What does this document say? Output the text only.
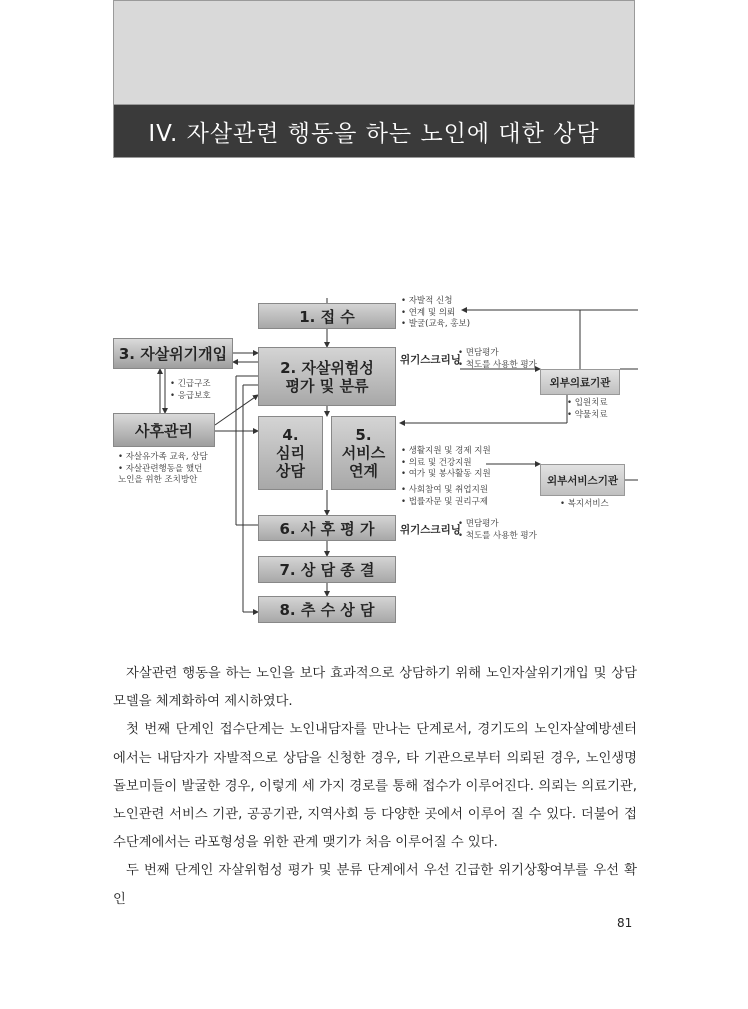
IV. 자살관련 행동을 하는 노인에 대한 상담
1. 접 수
2. 자살위험성
평가 및 분류
4.
심리
상담
5.
서비스
연계
6. 사 후 평 가
7. 상 담 종 결
8. 추 수 상 담
3. 자살위기개입
사후관리
외부의료기관
외부서비스기관
위기스크리닝
위기스크리닝
• 자발적 신청
• 연계 및 의뢰
• 발굴(교육, 홍보)
• 면담평가
• 척도를 사용한 평가
• 긴급구조
• 응급보호
• 입원치료
• 약물치료
• 자살유가족 교육, 상담
• 자살관련행동을 했던
노인을 위한 조치방안
• 생활지원 및 경제 지원
• 의료 및 건강지원
• 여가 및 봉사활동 지원
• 사회참여 및 취업지원
• 법률자문 및 권리구제	• 복지서비스
• 면담평가
• 척도를 사용한 평가

자살관련 행동을 하는 노인을 보다 효과적으로 상담하기 위해 노인자살위기개입 및 상담모델을 체계화하여 제시하였다.

첫 번째 단계인 접수단계는 노인내담자를 만나는 단계로서, 경기도의 노인자살예방센터에서는 내담자가 자발적으로 상담을 신청한 경우, 타 기관으로부터 의뢰된 경우, 노인생명돌보미들이 발굴한 경우, 이렇게 세 가지 경로를 통해 접수가 이루어진다. 의뢰는 의료기관, 노인관련 서비스 기관, 공공기관, 지역사회 등 다양한 곳에서 이루어 질 수 있다. 더불어 접수단계에서는 라포형성을 위한 관계 맺기가 처음 이루어질 수 있다.

두 번째 단계인 자살위험성 평가 및 분류 단계에서 우선 긴급한 위기상황여부를 우선 확인

81
